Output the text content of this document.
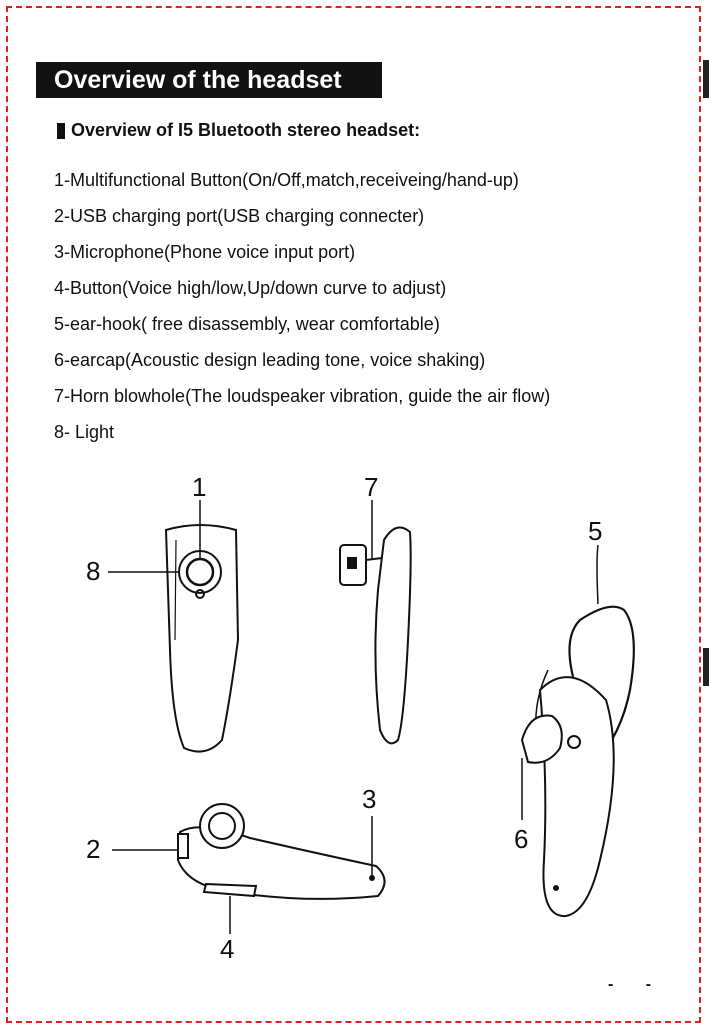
Overview of the headset
Overview of I5 Bluetooth stereo headset:
1-Multifunctional Button(On/Off,match,receiveing/hand-up)
2-USB charging port(USB charging connecter)
3-Microphone(Phone voice input port)
4-Button(Voice high/low,Up/down curve to adjust)
5-ear-hook( free disassembly, wear comfortable)
6-earcap(Acoustic design leading tone, voice shaking)
7-Horn blowhole(The loudspeaker vibration, guide the air flow)
8- Light
1	7
5
8
3
6
2
4
- -
